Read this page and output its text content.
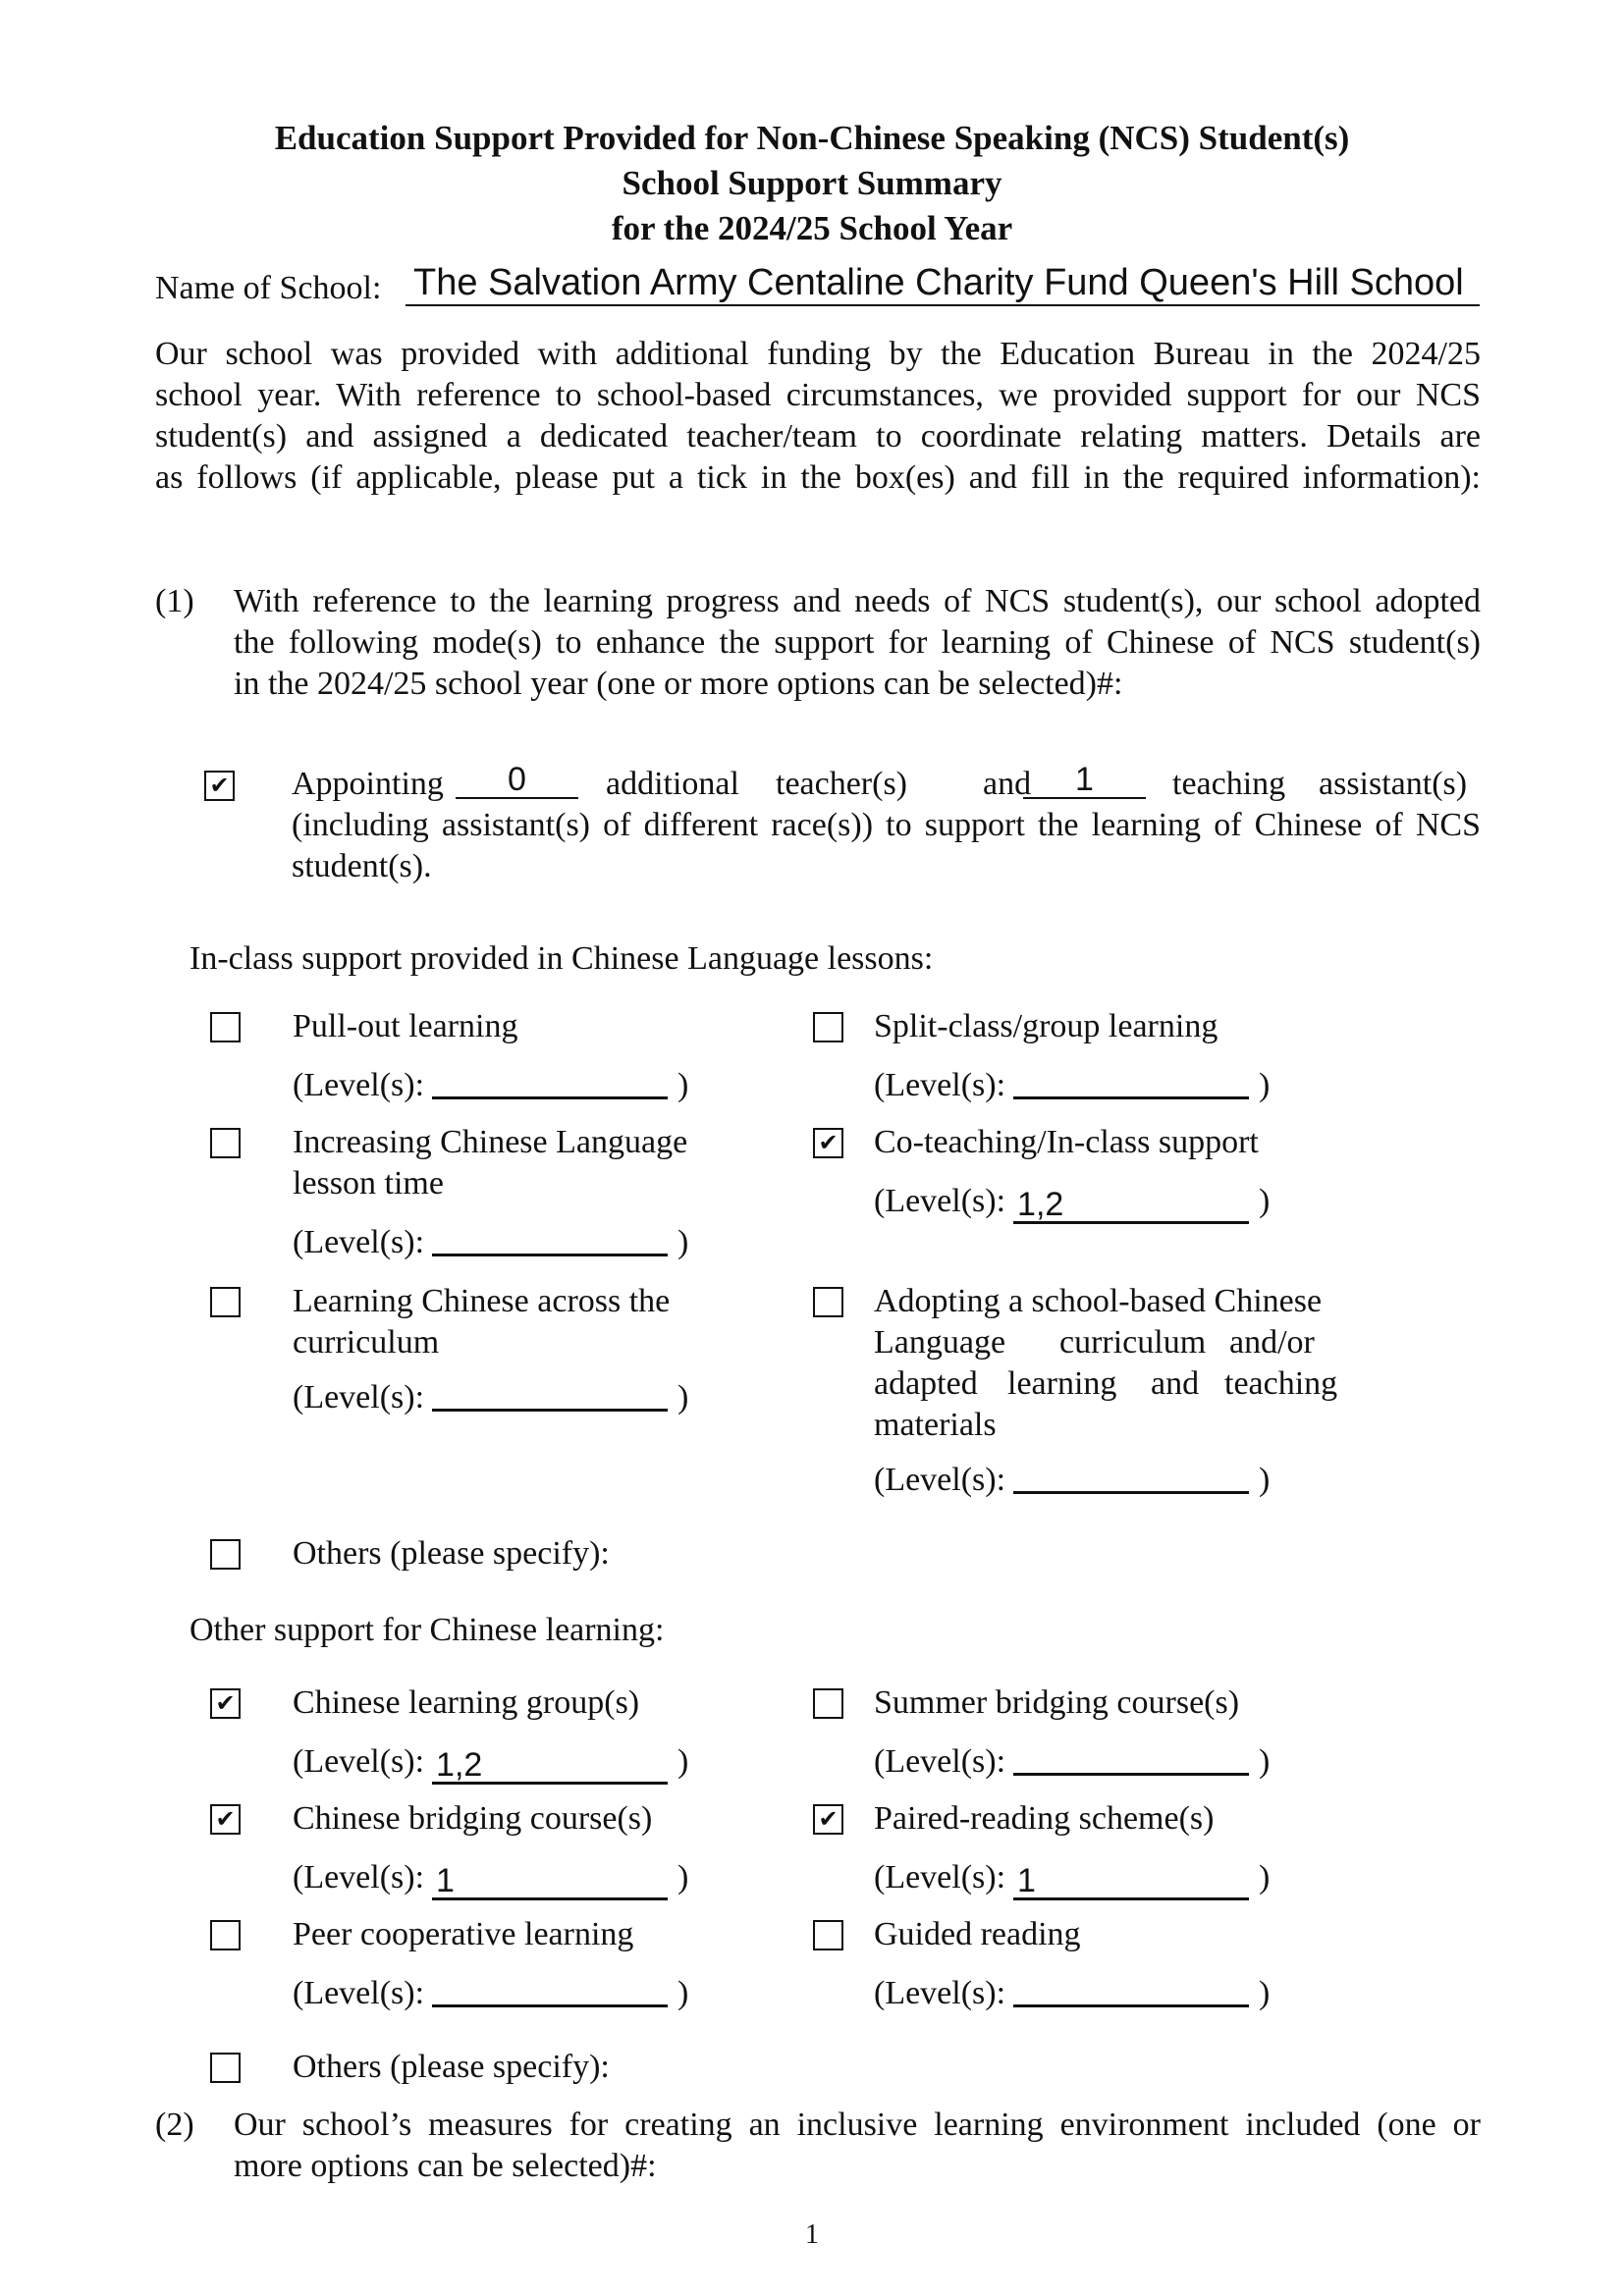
Education Support Provided for Non-Chinese Speaking (NCS) Student(s)
School Support Summary
for the 2024/25 School Year
Name of School: The Salvation Army Centaline Charity Fund Queen's Hill School
Our school was provided with additional funding by the Education Bureau in the 2024/25
school year. With reference to school-based circumstances, we provided support for our NCS
student(s) and assigned a dedicated teacher/team to coordinate relating matters. Details are
as follows (if applicable, please put a tick in the box(es) and fill in the required information):
(1) With reference to the learning progress and needs of NCS student(s), our school adopted
the following mode(s) to enhance the support for learning of Chinese of NCS student(s)
in the 2024/25 school year (one or more options can be selected)#:
✔ Appointing	0	additional teacher(s) and	1	teaching assistant(s)
(including assistant(s) of different race(s)) to support the learning of Chinese of NCS
student(s).
In-class support provided in Chinese Language lessons:
Pull-out learning
(Level(s):	)
Split-class/group learning
(Level(s):	)
Increasing Chinese Language
lesson time
(Level(s):	)
✔ Co-teaching/In-class support
(Level(s): 1,2	)
Learning Chinese across the
curriculum
(Level(s):	)
Adopting a school-based Chinese
Language curriculum and/or
adapted learning and teaching
materials
(Level(s):	)
Others (please specify):
Other support for Chinese learning:
✔ Chinese learning group(s)
(Level(s): 1,2	)
Summer bridging course(s)
(Level(s):	)
✔ Chinese bridging course(s)
(Level(s): 1	)
✔ Paired-reading scheme(s)
(Level(s): 1	)
Peer cooperative learning
(Level(s):	)
Guided reading
(Level(s):	)
Others (please specify):
(2) Our school’s measures for creating an inclusive learning environment included (one or
more options can be selected)#:
1
